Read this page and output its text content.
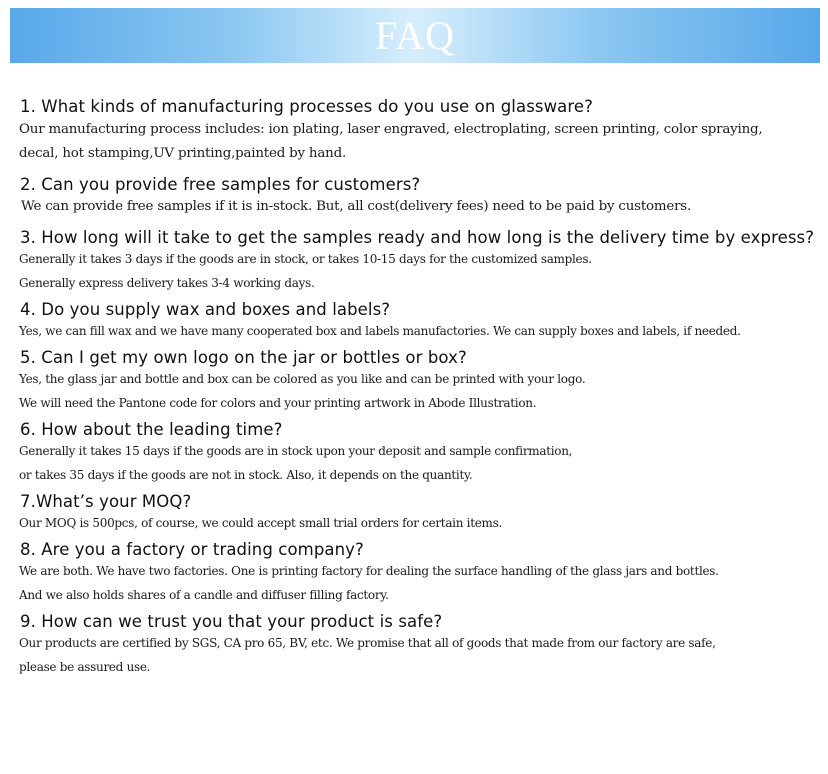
FAQ
1. What kinds of manufacturing processes do you use on glassware?
Our manufacturing process includes: ion plating, laser engraved, electroplating, screen printing, color spraying,
decal, hot stamping,UV printing,painted by hand.
2. Can you provide free samples for customers?
We can provide free samples if it is in-stock. But, all cost(delivery fees) need to be paid by customers.
3. How long will it take to get the samples ready and how long is the delivery time by express?
Generally it takes 3 days if the goods are in stock, or takes 10-15 days for the customized samples.
Generally express delivery takes 3-4 working days.
4. Do you supply wax and boxes and labels?
Yes, we can fill wax and we have many cooperated box and labels manufactories. We can supply boxes and labels, if needed.
5. Can I get my own logo on the jar or bottles or box?
Yes, the glass jar and bottle and box can be colored as you like and can be printed with your logo.
We will need the Pantone code for colors and your printing artwork in Abode Illustration.
6. How about the leading time?
Generally it takes 15 days if the goods are in stock upon your deposit and sample confirmation,
or takes 35 days if the goods are not in stock. Also, it depends on the quantity.
7.What’s your MOQ?
Our MOQ is 500pcs, of course, we could accept small trial orders for certain items.
8. Are you a factory or trading company?
We are both. We have two factories. One is printing factory for dealing the surface handling of the glass jars and bottles.
And we also holds shares of a candle and diffuser filling factory.
9. How can we trust you that your product is safe?
Our products are certified by SGS, CA pro 65, BV, etc. We promise that all of goods that made from our factory are safe,
please be assured use.
